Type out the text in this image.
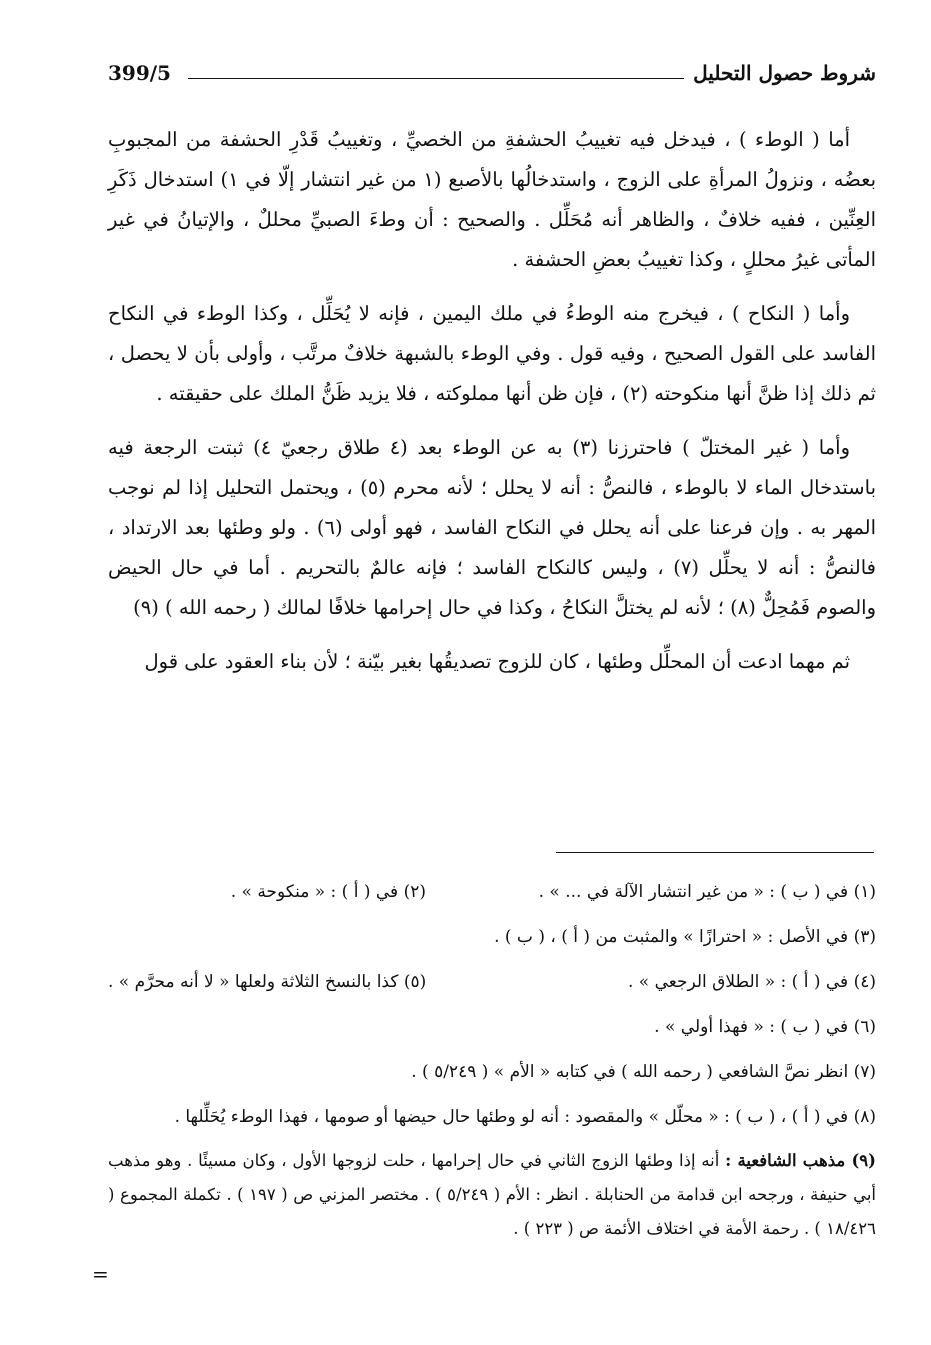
شروط حصول التحليل
399/5

أما ( الوطء ) ، فيدخل فيه تغييبُ الحشفةِ من الخصيِّ ، وتغييبُ قَدْرِ الحشفة من المجبوبِ بعضُه ، ونزولُ المرأةِ على الزوج ، واستدخالُها بالأصبع (١ من غير انتشار إلّا في ١) استدخال ذَكَرِ العِنِّين ، ففيه خلافٌ ، والظاهر أنه مُحَلِّل . والصحيح : أن وطءَ الصبيِّ محللٌ ، والإتيانُ في غير المأتى غيرُ محللٍ ، وكذا تغييبُ بعضِ الحشفة .

وأما ( النكاح ) ، فيخرج منه الوطءُ في ملك اليمين ، فإنه لا يُحَلِّل ، وكذا الوطء في النكاح الفاسد على القول الصحيح ، وفيه قول . وفي الوطء بالشبهة خلافٌ مرتَّب ، وأولى بأن لا يحصل ، ثم ذلك إذا ظنَّ أنها منكوحته (٢) ، فإن ظن أنها مملوكته ، فلا يزيد ظَنُّ الملك على حقيقته .

وأما ( غير المختلّ ) فاحترزنا (٣) به عن الوطء بعد (٤ طلاق رجعيّ ٤) ثبتت الرجعة فيه باستدخال الماء لا بالوطء ، فالنصُّ : أنه لا يحلل ؛ لأنه محرم (٥) ، ويحتمل التحليل إذا لم نوجب المهر به . وإن فرعنا على أنه يحلل في النكاح الفاسد ، فهو أولى (٦) . ولو وطئها بعد الارتداد ، فالنصُّ : أنه لا يحلِّل (٧) ، وليس كالنكاح الفاسد ؛ فإنه عالمٌ بالتحريم . أما في حال الحيض والصوم فَمُحِلٌّ (٨) ؛ لأنه لم يختلَّ النكاحُ ، وكذا في حال إحرامها خلافًا لمالك ( رحمه الله ) (٩)

ثم مهما ادعت أن المحلِّل وطئها ، كان للزوج تصديقُها بغير بيّنة ؛ لأن بناء العقود على قول

(١) في ( ب ) : « من غير انتشار الآلة في ... » .
(٢) في ( أ ) : « منكوحة » .
(٣) في الأصل : « احترازًا » والمثبت من ( أ ) ، ( ب ) .
(٤) في ( أ ) : « الطلاق الرجعي » .
(٥) كذا بالنسخ الثلاثة ولعلها « لا أنه محرَّم » .
(٦) في ( ب ) : « فهذا أولي » .
(٧) انظر نصَّ الشافعي ( رحمه الله ) في كتابه « الأم » ( ٥/٢٤٩ ) .
(٨) في ( أ ) ، ( ب ) : « محلّل » والمقصود : أنه لو وطئها حال حيضها أو صومها ، فهذا الوطء يُحَلِّلها .
(٩) مذهب الشافعية : أنه إذا وطئها الزوج الثاني في حال إحرامها ، حلت لزوجها الأول ، وكان مسيئًا . وهو مذهب أبي حنيفة ، ورجحه ابن قدامة من الحنابلة . انظر : الأم ( ٥/٢٤٩ ) . مختصر المزني ص ( ١٩٧ ) . تكملة المجموع ( ١٨/٤٢٦ ) . رحمة الأمة في اختلاف الأئمة ص ( ٢٢٣ ) .
=
